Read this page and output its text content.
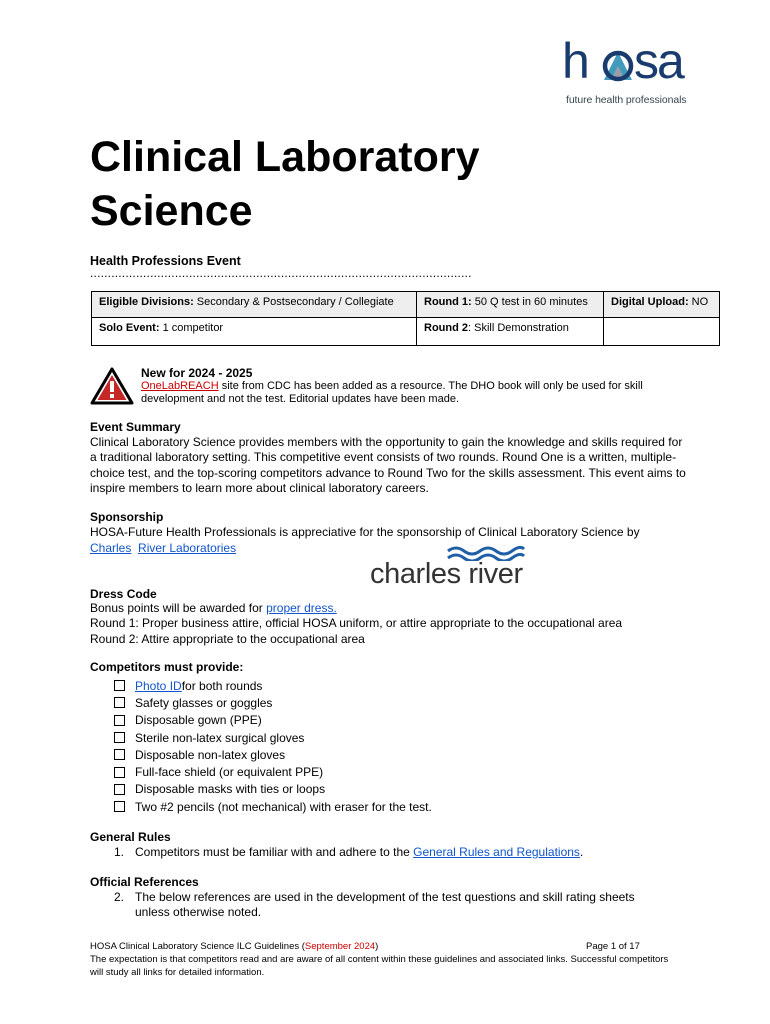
h sa
future health professionals
Clinical Laboratory Science
Health Professions Event
............................................................................................................
Eligible Divisions: Secondary & Postsecondary / Collegiate	Round 1: 50 Q test in 60 minutes	Digital Upload: NO
Solo Event: 1 competitor	Round 2: Skill Demonstration	
New for 2024 - 2025
OneLabREACH site from CDC has been added as a resource. The DHO book will only be used for skill development and not the test. Editorial updates have been made.
Event Summary
Clinical Laboratory Science provides members with the opportunity to gain the knowledge and skills required for a traditional laboratory setting. This competitive event consists of two rounds. Round One is a written, multiple-choice test, and the top-scoring competitors advance to Round Two for the skills assessment. This event aims to inspire members to learn more about clinical laboratory careers.
Sponsorship
HOSA-Future Health Professionals is appreciative for the sponsorship of Clinical Laboratory Science by
Charles River Laboratories
charles river
Dress Code
Bonus points will be awarded for proper dress.
Round 1: Proper business attire, official HOSA uniform, or attire appropriate to the occupational area
Round 2: Attire appropriate to the occupational area
Competitors must provide:
Photo ID for both rounds
Safety glasses or goggles
Disposable gown (PPE)
Sterile non-latex surgical gloves
Disposable non-latex gloves
Full-face shield (or equivalent PPE)
Disposable masks with ties or loops
Two #2 pencils (not mechanical) with eraser for the test.
General Rules
1. Competitors must be familiar with and adhere to the General Rules and Regulations.
Official References
2. The below references are used in the development of the test questions and skill rating sheets
unless otherwise noted.
HOSA Clinical Laboratory Science ILC Guidelines (September 2024)	Page 1 of 17
The expectation is that competitors read and are aware of all content within these guidelines and associated links. Successful competitors will study all links for detailed information.
